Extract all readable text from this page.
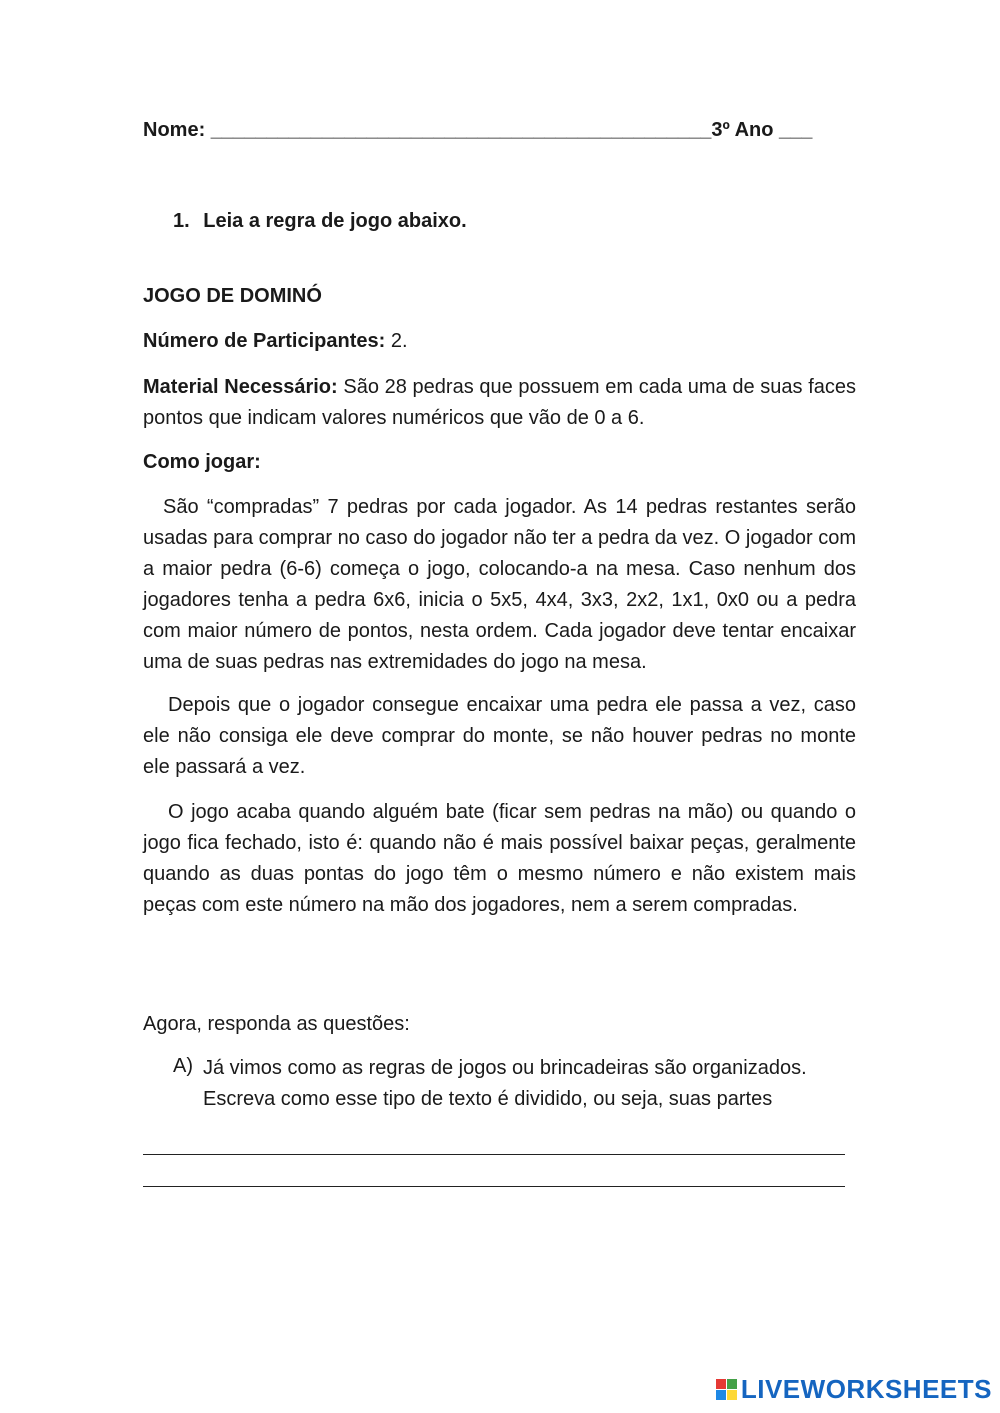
Nome: _____________________________________________3º Ano ___
1. Leia a regra de jogo abaixo.
JOGO DE DOMINÓ
Número de Participantes: 2.

Material Necessário: São 28 pedras que possuem em cada uma de suas faces pontos que indicam valores numéricos que vão de 0 a 6.

Como jogar:

São “compradas” 7 pedras por cada jogador. As 14 pedras restantes serão usadas para comprar no caso do jogador não ter a pedra da vez. O jogador com a maior pedra (6-6) começa o jogo, colocando-a na mesa. Caso nenhum dos jogadores tenha a pedra 6x6, inicia o 5x5, 4x4, 3x3, 2x2, 1x1, 0x0 ou a pedra com maior número de pontos, nesta ordem. Cada jogador deve tentar encaixar uma de suas pedras nas extremidades do jogo na mesa.

Depois que o jogador consegue encaixar uma pedra ele passa a vez, caso ele não consiga ele deve comprar do monte, se não houver pedras no monte ele passará a vez.

O jogo acaba quando alguém bate (ficar sem pedras na mão) ou quando o jogo fica fechado, isto é: quando não é mais possível baixar peças, geralmente quando as duas pontas do jogo têm o mesmo número e não existem mais peças com este número na mão dos jogadores, nem a serem compradas.

Agora, responda as questões:
A) Já vimos como as regras de jogos ou brincadeiras são organizados. Escreva como esse tipo de texto é dividido, ou seja, suas partes

LIVEWORKSHEETS
